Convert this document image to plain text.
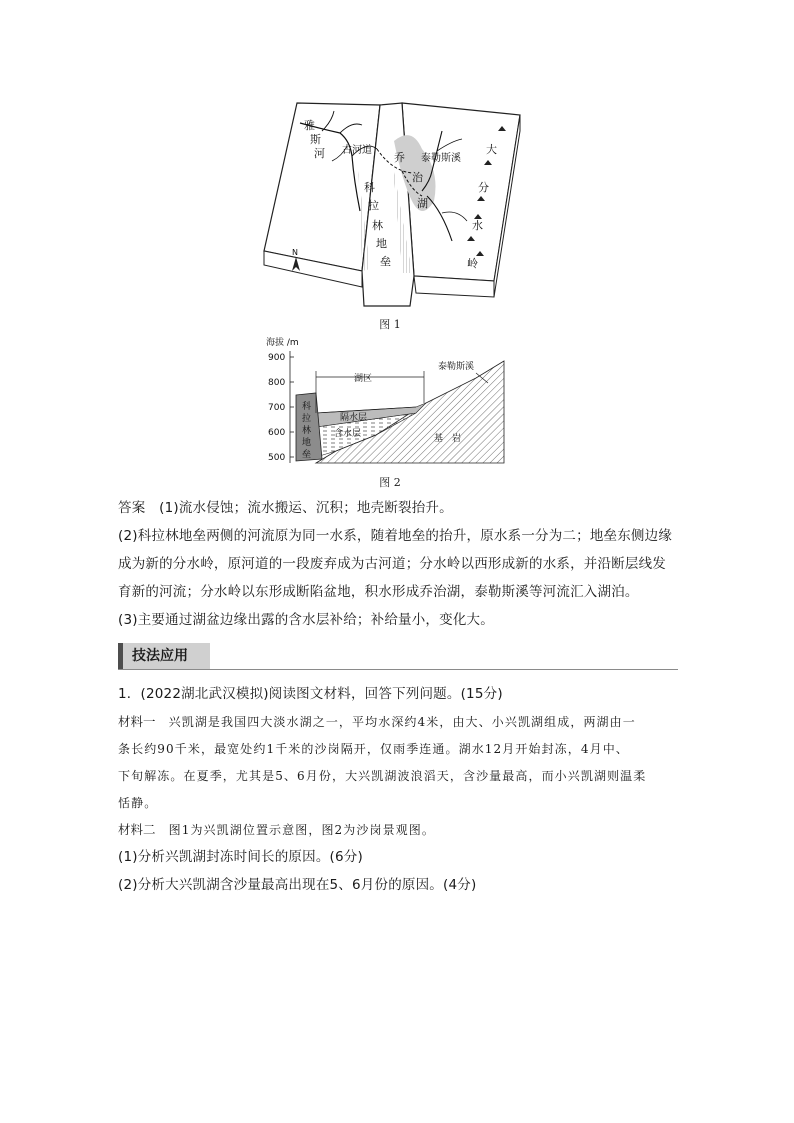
雅
斯
河 古河道
乔
治
湖
泰勒斯溪
科
拉
林
地
垒
大
分
水
岭
N
图 1
海拔 /m
900
800
700
600
500
湖区
泰勒斯溪
隔水层
含水层	基　岩
科
拉
林
地
垒
图 2
答案　(1)流水侵蚀；流水搬运、沉积；地壳断裂抬升。
(2)科拉林地垒两侧的河流原为同一水系，随着地垒的抬升，原水系一分为二；地垒东侧边缘
成为新的分水岭，原河道的一段废弃成为古河道；分水岭以西形成新的水系，并沿断层线发
育新的河流；分水岭以东形成断陷盆地，积水形成乔治湖，泰勒斯溪等河流汇入湖泊。
(3)主要通过湖盆边缘出露的含水层补给；补给量小，变化大。
技法应用
1．(2022湖北武汉模拟)阅读图文材料，回答下列问题。(15分)
材料一　兴凯湖是我国四大淡水湖之一，平均水深约4米，由大、小兴凯湖组成，两湖由一
条长约90千米，最宽处约1千米的沙岗隔开，仅雨季连通。湖水12月开始封冻，4月中、
下旬解冻。在夏季，尤其是5、6月份，大兴凯湖波浪滔天，含沙量最高，而小兴凯湖则温柔
恬静。
材料二　图1为兴凯湖位置示意图，图2为沙岗景观图。
(1)分析兴凯湖封冻时间长的原因。(6分)
(2)分析大兴凯湖含沙量最高出现在5、6月份的原因。(4分)
